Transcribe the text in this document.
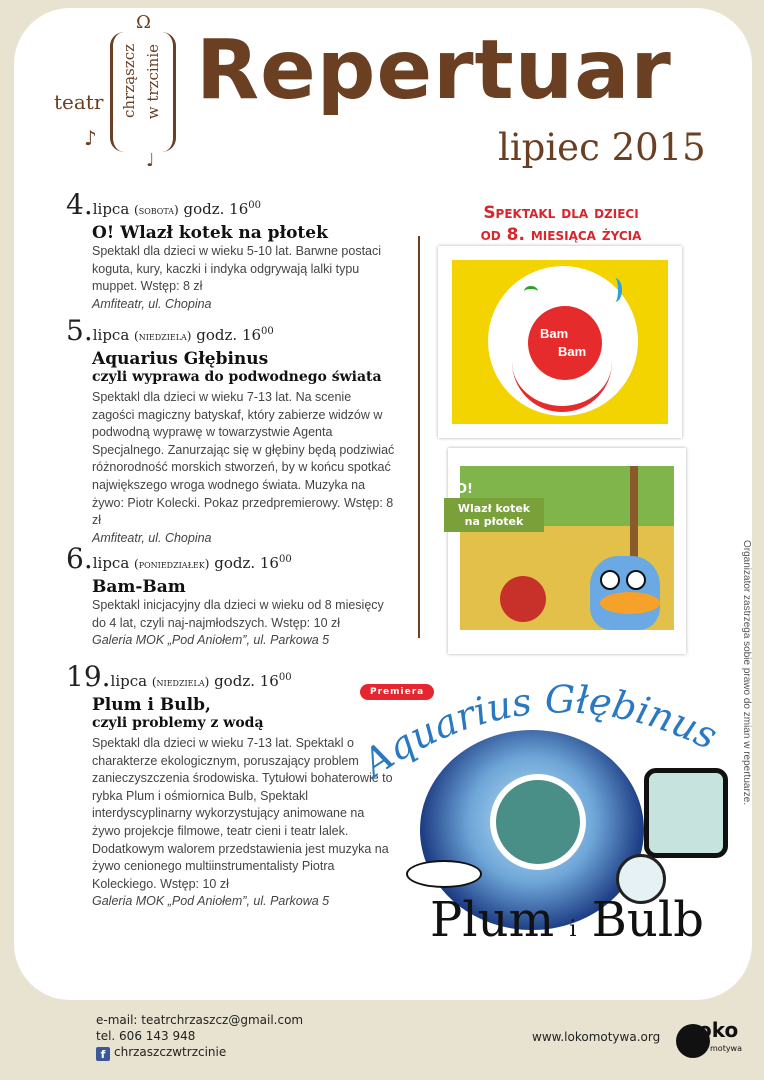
Ω
teatr chrząszcz w trzcinie
♪
♩
Repertuar
lipiec 2015
4.lipca (sobota) godz. $16^{00}$
O! Wlazł kotek na płotek
Spektakl dla dzieci w wieku 5-10 lat. Barwne postaci koguta, kury, kaczki i indyka odgrywają lalki typu muppet. Wstęp: 8 zł
Amfiteatr, ul. Chopina
5.lipca (niedziela) godz. $16^{00}$
Aquarius Głębinus
czyli wyprawa do podwodnego świata
Spektakl dla dzieci w wieku 7-13 lat. Na scenie zagości magiczny batyskaf, który zabierze widzów w podwodną wyprawę w towarzystwie Agenta Specjalnego. Zanurzając się w głębiny będą podziwiać różnorodność morskich stworzeń, by w końcu spotkać największego wroga wodnego świata. Muzyka na żywo: Piotr Kolecki. Pokaz przedpremierowy. Wstęp: 8 zł
Amfiteatr, ul. Chopina
6.lipca (poniedziałek) godz. $16^{00}$
Bam-Bam
Spektakl inicjacyjny dla dzieci w wieku od 8 miesięcy do 4 lat, czyli naj-najmłodszych. Wstęp: 10 zł
Galeria MOK „Pod Aniołem”, ul. Parkowa 5
19.lipca (niedziela) godz. $16^{00}$
Plum i Bulb,
czyli problemy z wodą
Spektakl dla dzieci w wieku 7-13 lat. Spektakl o charakterze ekologicznym, poruszający problem zanieczyszczenia środowiska. Tytułowi bohaterowie to rybka Plum i ośmiornica Bulb, Spektakl interdyscyplinarny wykorzystujący animowane na żywo projekcje filmowe, teatr cieni i teatr lalek. Dodatkowym walorem przedstawienia jest muzyka na żywo cenionego multiinstrumentalisty Piotra Koleckiego. Wstęp: 10 zł
Galeria MOK „Pod Aniołem”, ul. Parkowa 5
Spektakl dla dzieci
od 8. miesiąca życia
Bam
Bam
O!
Wlazł kotek
na płotek
Organizator zastrzega sobie prawo do zmian w repertuarze.
Aquarius Głębinus
Premiera
Plum i Bulb
e-mail: teatrchrzaszcz@gmail.com
tel. 606 143 948
f chrzaszczwtrzcinie
www.lokomotywa.org oko
motywa
